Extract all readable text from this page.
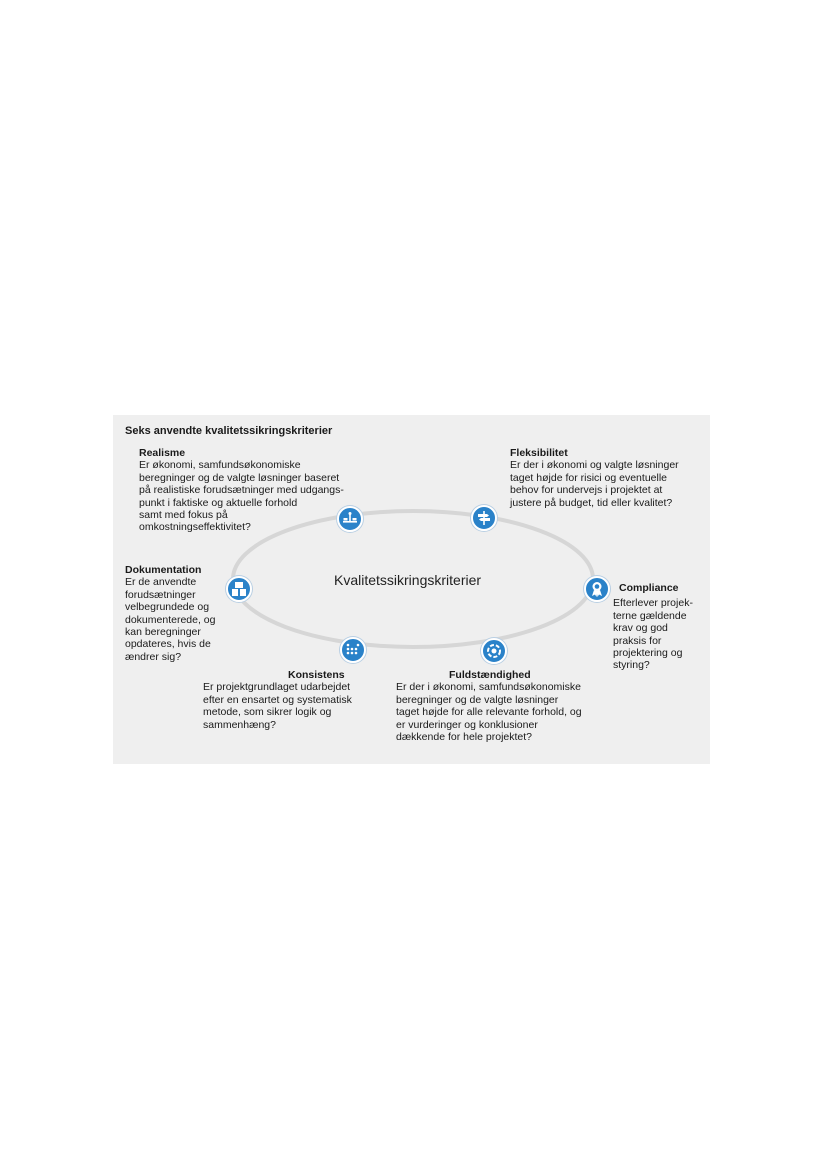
Seks anvendte kvalitetssikringskriterier
Kvalitetssikringskriterier
Realisme
Er økonomi, samfundsøkonomiske
beregninger og de valgte løsninger baseret
på realistiske forudsætninger med udgangs-
punkt i faktiske og aktuelle forhold
samt med fokus på
omkostningseffektivitet?
Fleksibilitet
Er der i økonomi og valgte løsninger
taget højde for risici og eventuelle
behov for undervejs i projektet at
justere på budget, tid eller kvalitet?
Compliance
Efterlever projek-
terne gældende
krav og god
praksis for
projektering og
styring?
Fuldstændighed
Er der i økonomi, samfundsøkonomiske
beregninger og de valgte løsninger
taget højde for alle relevante forhold, og
er vurderinger og konklusioner
dækkende for hele projektet?
Konsistens
Er projektgrundlaget udarbejdet
efter en ensartet og systematisk
metode, som sikrer logik og
sammenhæng?
Dokumentation
Er de anvendte
forudsætninger
velbegrundede og
dokumenterede, og
kan beregninger
opdateres, hvis de
ændrer sig?
